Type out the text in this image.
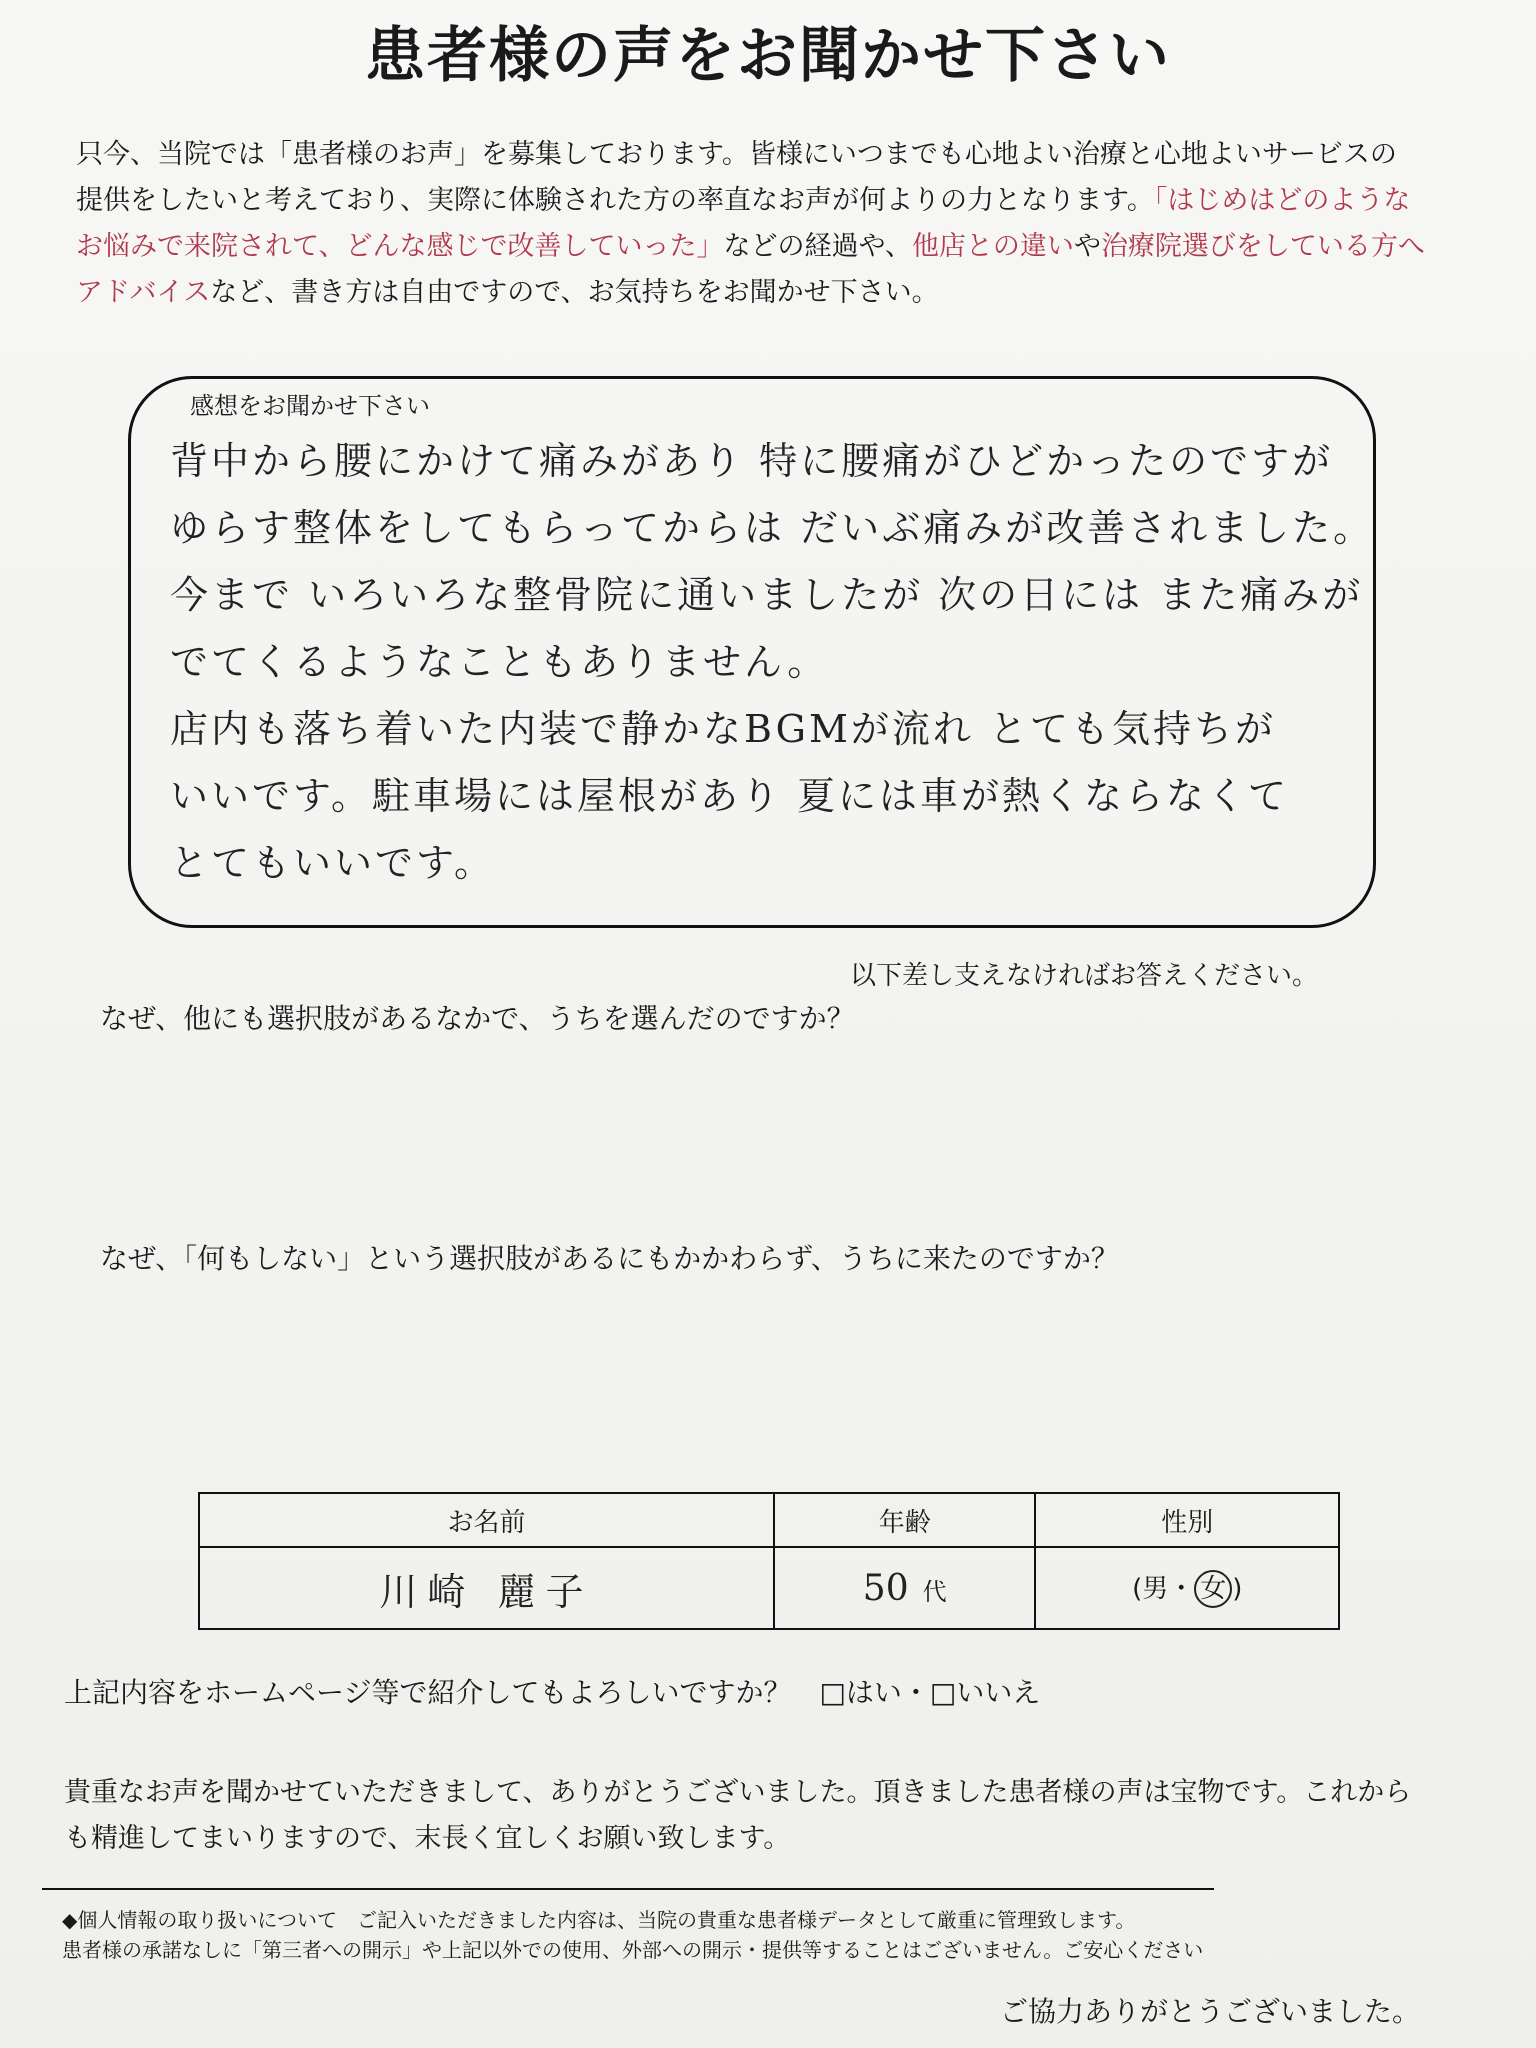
患者様の声をお聞かせ下さい
只今、当院では「患者様のお声」を募集しております。皆様にいつまでも心地よい治療と心地よいサービスの
提供をしたいと考えており、実際に体験された方の率直なお声が何よりの力となります。「はじめはどのような
お悩みで来院されて、どんな感じで改善していった」などの経過や、他店との違いや治療院選びをしている方へ
アドバイスなど、書き方は自由ですので、お気持ちをお聞かせ下さい。
感想をお聞かせ下さい
背中から腰にかけて痛みがあり 特に腰痛がひどかったのですが
ゆらす整体をしてもらってからは だいぶ痛みが改善されました。
今まで いろいろな整骨院に通いましたが 次の日には また痛みが
でてくるようなこともありません。
店内も落ち着いた内装で静かなBGMが流れ とても気持ちが
いいです。駐車場には屋根があり 夏には車が熱くならなくて
とてもいいです。
以下差し支えなければお答えください。
なぜ、他にも選択肢があるなかで、うちを選んだのですか？
なぜ、「何もしない」という選択肢があるにもかかわらず、うちに来たのですか？
お名前	年齢	性別
川崎 麗子	50 代	(男・ 女 )
上記内容をホームページ等で紹介してもよろしいですか？　□はい・□いいえ
貴重なお声を聞かせていただきまして、ありがとうございました。頂きました患者様の声は宝物です。これから
も精進してまいりますので、末長く宜しくお願い致します。
◆個人情報の取り扱いについて　ご記入いただきました内容は、当院の貴重な患者様データとして厳重に管理致します。
患者様の承諾なしに「第三者への開示」や上記以外での使用、外部への開示・提供等することはございません。ご安心ください
ご協力ありがとうございました。
